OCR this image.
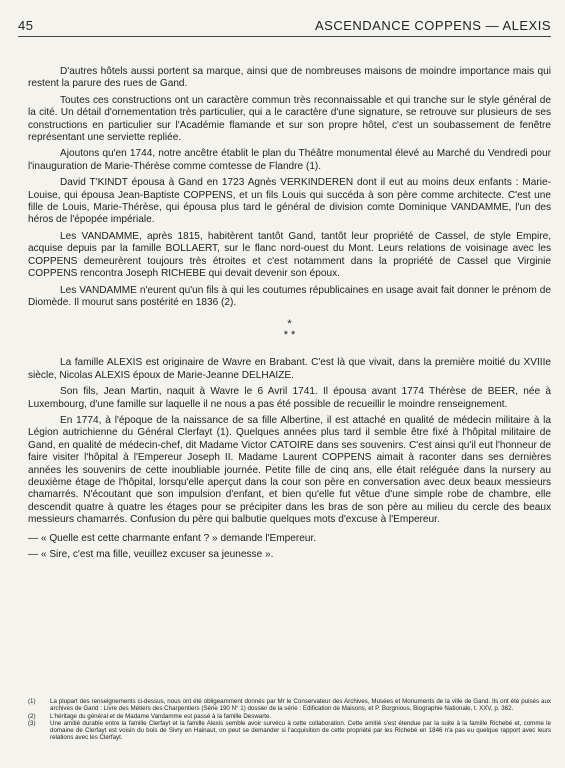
45	ASCENDANCE COPPENS — ALEXIS

D'autres hôtels aussi portent sa marque, ainsi que de nombreuses maisons de moindre importance mais qui restent la parure des rues de Gand.

Toutes ces constructions ont un caractère commun très reconnaissable et qui tranche sur le style général de la cité. Un détail d'ornementation très particulier, qui a le caractère d'une signature, se retrouve sur plusieurs de ses constructions en particulier sur l'Académie flamande et sur son propre hôtel, c'est un soubassement de fenêtre représentant une serviette repliée.

Ajoutons qu'en 1744, notre ancêtre établit le plan du Théâtre monumental élevé au Marché du Vendredi pour l'inauguration de Marie-Thérèse comme comtesse de Flandre (1).

David T'KINDT épousa à Gand en 1723 Agnès VERKINDEREN dont il eut au moins deux enfants : Marie-Louise, qui épousa Jean-Baptiste COPPENS, et un fils Louis qui succéda à son père comme architecte. C'est une fille de Louis, Marie-Thérèse, qui épousa plus tard le général de division comte Dominique VANDAMME, l'un des héros de l'épopée impériale.

Les VANDAMME, après 1815, habitèrent tantôt Gand, tantôt leur propriété de Cassel, de style Empire, acquise depuis par la famille BOLLAERT, sur le flanc nord-ouest du Mont. Leurs relations de voisinage avec les COPPENS demeurèrent toujours très étroites et c'est notamment dans la propriété de Cassel que Virginie COPPENS rencontra Joseph RICHEBE qui devait devenir son époux.

Les VANDAMME n'eurent qu'un fils à qui les coutumes républicaines en usage avait fait donner le prénom de Diomède. Il mourut sans postérité en 1836 (2).

*
* *

La famille ALEXIS est originaire de Wavre en Brabant. C'est là que vivait, dans la première moitié du XVIIIe siècle, Nicolas ALEXIS époux de Marie-Jeanne DELHAIZE.

Son fils, Jean Martin, naquit à Wavre le 6 Avril 1741. Il épousa avant 1774 Thérèse de BEER, née à Luxembourg, d'une famille sur laquelle il ne nous a pas été possible de recueillir le moindre renseignement.

En 1774, à l'époque de la naissance de sa fille Albertine, il est attaché en qualité de médecin militaire à la Légion autrichienne du Général Clerfayt (1). Quelques années plus tard il semble être fixé à l'hôpital militaire de Gand, en qualité de médecin-chef, dit Madame Victor CATOIRE dans ses souvenirs. C'est ainsi qu'il eut l'honneur de faire visiter l'hôpital à l'Empereur Joseph II. Madame Laurent COPPENS aimait à raconter dans ses dernières années les souvenirs de cette inoubliable journée. Petite fille de cinq ans, elle était reléguée dans la nursery au deuxième étage de l'hôpital, lorsqu'elle aperçut dans la cour son père en conversation avec deux beaux messieurs chamarrés. N'écoutant que son impulsion d'enfant, et bien qu'elle fut vêtue d'une simple robe de chambre, elle descendit quatre à quatre les étages pour se précipiter dans les bras de son père au milieu du cercle des beaux messieurs chamarrés. Confusion du père qui balbutie quelques mots d'excuse à l'Empereur.

— « Quelle est cette charmante enfant ? » demande l'Empereur.

— « Sire, c'est ma fille, veuillez excuser sa jeunesse ».

(1)	La plupart des renseignements ci-dessus, nous ont été obligeamment donnés par Mr le Conservateur des Archives, Musées et Monuments de la ville de Gand. Ils ont été puisés aux archives de Gand : Livre des Métiers des Charpentiers (Série 190 N° 1) dossier de la série : Edification de Maisons, et P. Borgnious, Biographie Nationale, t. XXV, p. 362.
(2)	L'héritage du général et de Madame Vandamme est passé à la famille Deswarte.
(3)	Une amitié durable entre la famille Clerfayt et la famille Alexis semble avoir survécu à cette collaboration. Cette amitié s'est étendue par la suite à la famille Richebé et, comme le domaine de Clerfayt est voisin du bois de Sivry en Hainaut, on peut se demander si l'acquisition de cette propriété par les Richebé en 1846 n'a pas eu quelque rapport avec leurs relations avec les Clerfayt.
